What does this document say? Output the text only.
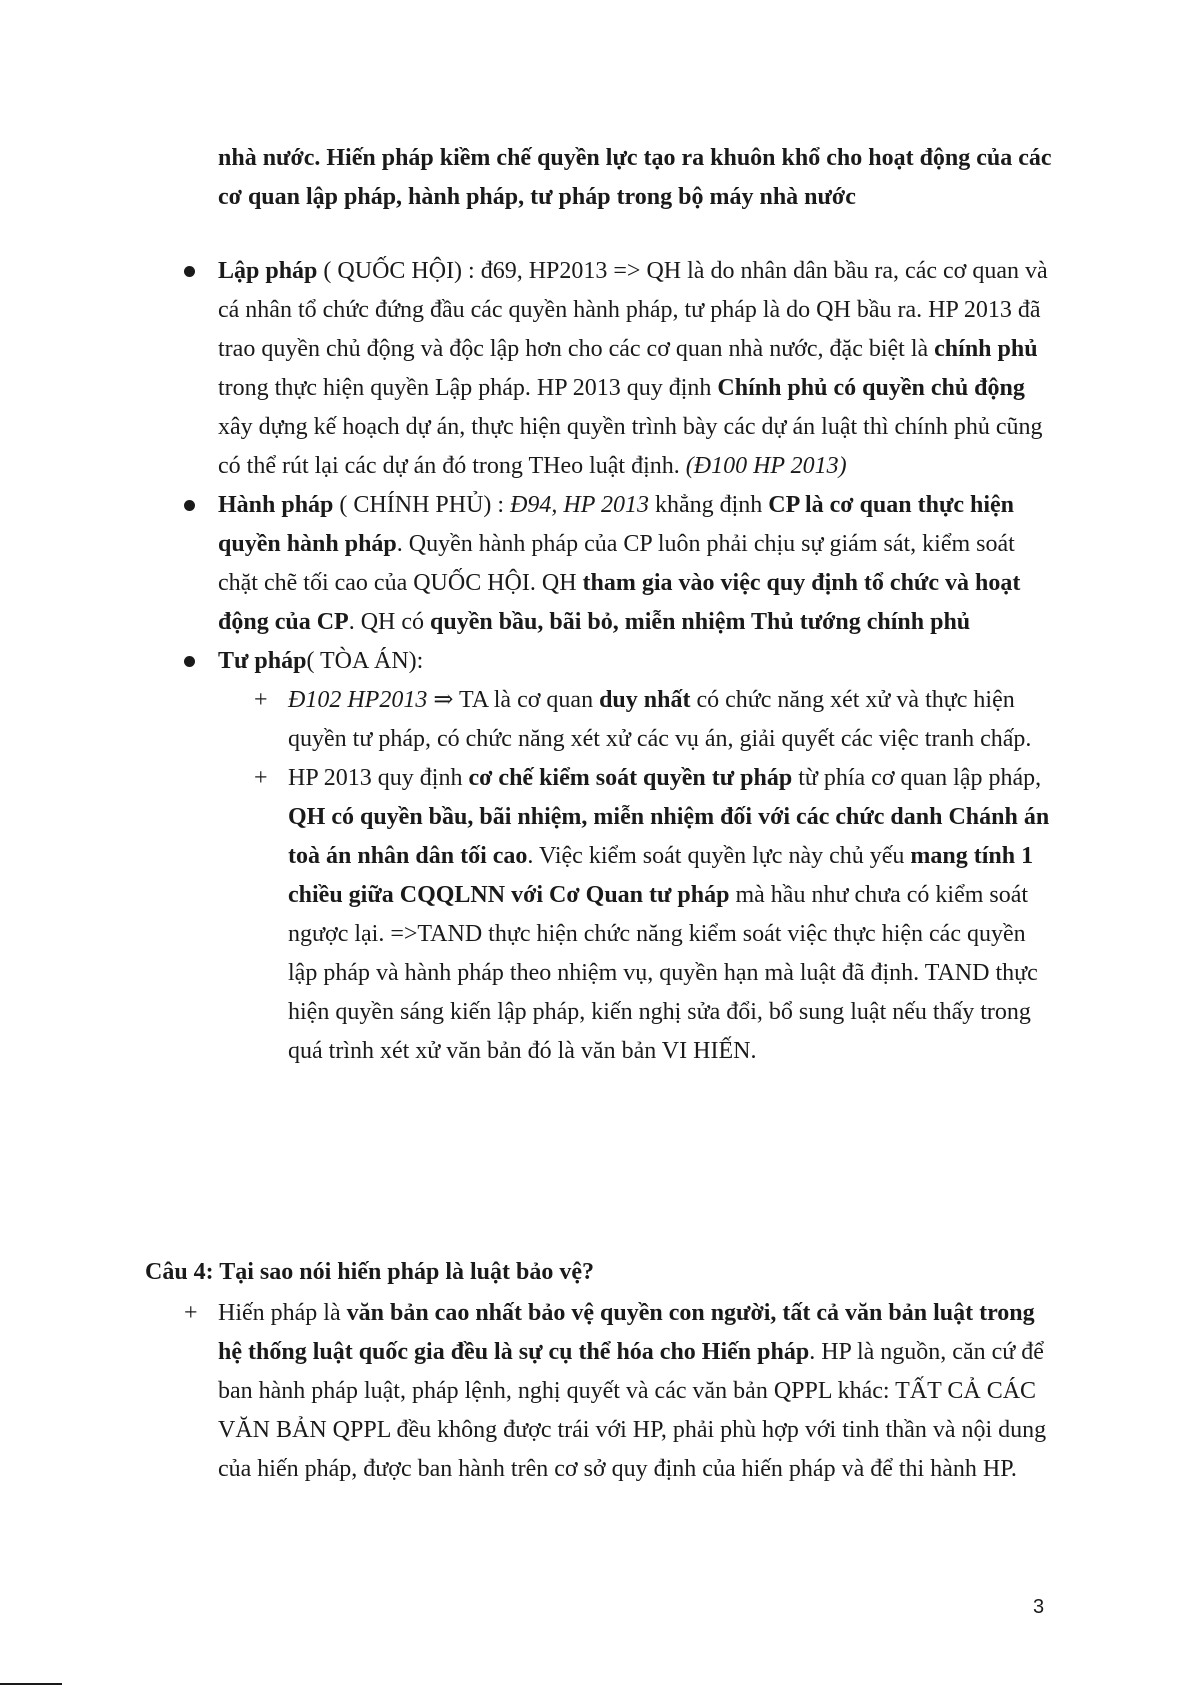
nhà nước. Hiến pháp kiềm chế quyền lực tạo ra khuôn khổ cho hoạt động của các cơ quan lập pháp, hành pháp, tư pháp trong bộ máy nhà nước

Lập pháp ( QUỐC HỘI) : đ69, HP2013 => QH là do nhân dân bầu ra, các cơ quan và cá nhân tổ chức đứng đầu các quyền hành pháp, tư pháp là do QH bầu ra. HP 2013 đã trao quyền chủ động và độc lập hơn cho các cơ quan nhà nước, đặc biệt là chính phủ trong thực hiện quyền Lập pháp. HP 2013 quy định Chính phủ có quyền chủ động xây dựng kế hoạch dự án, thực hiện quyền trình bày các dự án luật thì chính phủ cũng có thể rút lại các dự án đó trong THeo luật định. (Đ100 HP 2013)
Hành pháp ( CHÍNH PHỦ) : Đ94, HP 2013 khẳng định CP là cơ quan thực hiện quyền hành pháp. Quyền hành pháp của CP luôn phải chịu sự giám sát, kiểm soát chặt chẽ tối cao của QUỐC HỘI. QH tham gia vào việc quy định tổ chức và hoạt động của CP. QH có quyền bầu, bãi bỏ, miễn nhiệm Thủ tướng chính phủ
Tư pháp( TÒA ÁN):
+ Đ102 HP2013 ⇒ TA là cơ quan duy nhất có chức năng xét xử và thực hiện quyền tư pháp, có chức năng xét xử các vụ án, giải quyết các việc tranh chấp.
+ HP 2013 quy định cơ chế kiểm soát quyền tư pháp từ phía cơ quan lập pháp, QH có quyền bầu, bãi nhiệm, miễn nhiệm đối với các chức danh Chánh án toà án nhân dân tối cao. Việc kiểm soát quyền lực này chủ yếu mang tính 1 chiều giữa CQQLNN với Cơ Quan tư pháp mà hầu như chưa có kiểm soát ngược lại. =>TAND thực hiện chức năng kiểm soát việc thực hiện các quyền lập pháp và hành pháp theo nhiệm vụ, quyền hạn mà luật đã định. TAND thực hiện quyền sáng kiến lập pháp, kiến nghị sửa đổi, bổ sung luật nếu thấy trong quá trình xét xử văn bản đó là văn bản VI HIẾN.

Câu 4: Tại sao nói hiến pháp là luật bảo vệ?

+ Hiến pháp là văn bản cao nhất bảo vệ quyền con người, tất cả văn bản luật trong hệ thống luật quốc gia đều là sự cụ thể hóa cho Hiến pháp. HP là nguồn, căn cứ để ban hành pháp luật, pháp lệnh, nghị quyết và các văn bản QPPL khác: TẤT CẢ CÁC VĂN BẢN QPPL đều không được trái với HP, phải phù hợp với tinh thần và nội dung của hiến pháp, được ban hành trên cơ sở quy định của hiến pháp và để thi hành HP.
3
